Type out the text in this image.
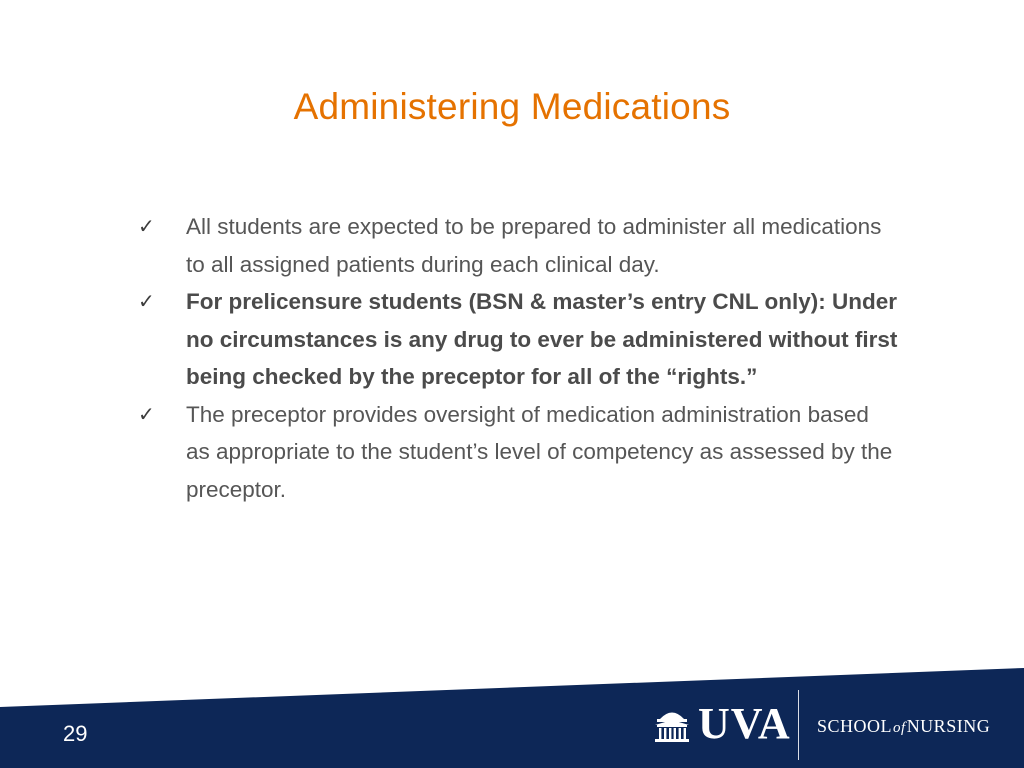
Administering Medications
✓ All students are expected to be prepared to administer all medications to all assigned patients during each clinical day.
✓ For prelicensure students (BSN & master’s entry CNL only): Under no circumstances is any drug to ever be administered without first being checked by the preceptor for all of the “rights.”
✓ The preceptor provides oversight of medication administration based as appropriate to the student’s level of competency as assessed by the preceptor.
29	UVA SCHOOLofNURSING
